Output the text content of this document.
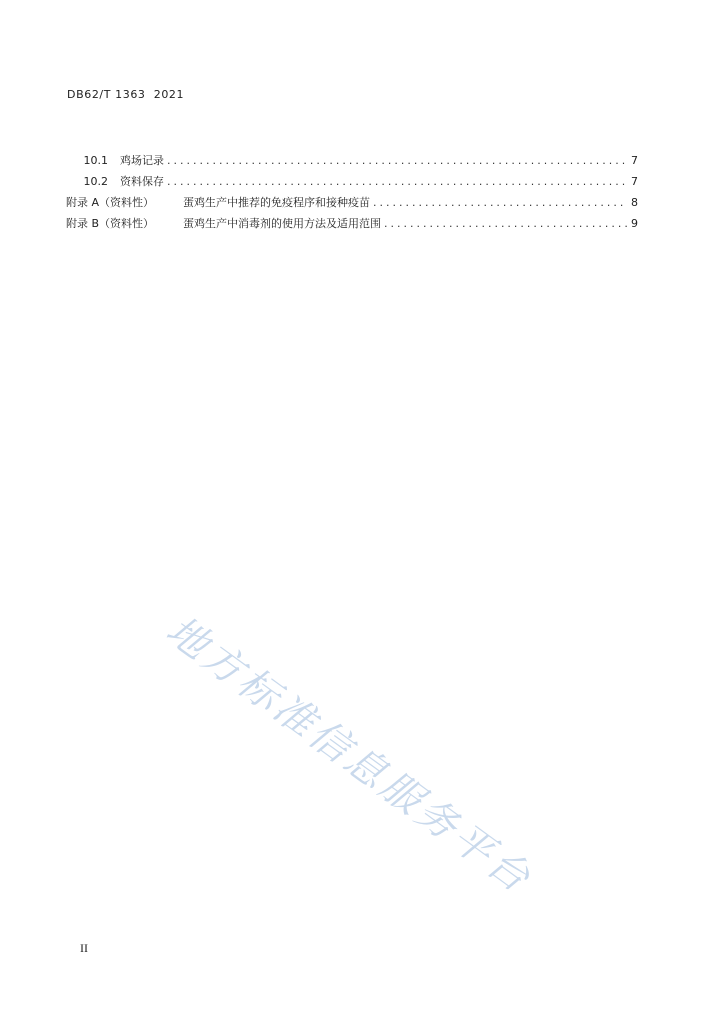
DB62/T 1363  2021
10.1	鸡场记录 .....	7
10.2	资料保存 .....	7
附录 A（资料性）	蛋鸡生产中推荐的免疫程序和接种疫苗 .....	8
附录 B（资料性）	蛋鸡生产中消毒剂的使用方法及适用范围 .....	9
地方标准信息服务平台
II
